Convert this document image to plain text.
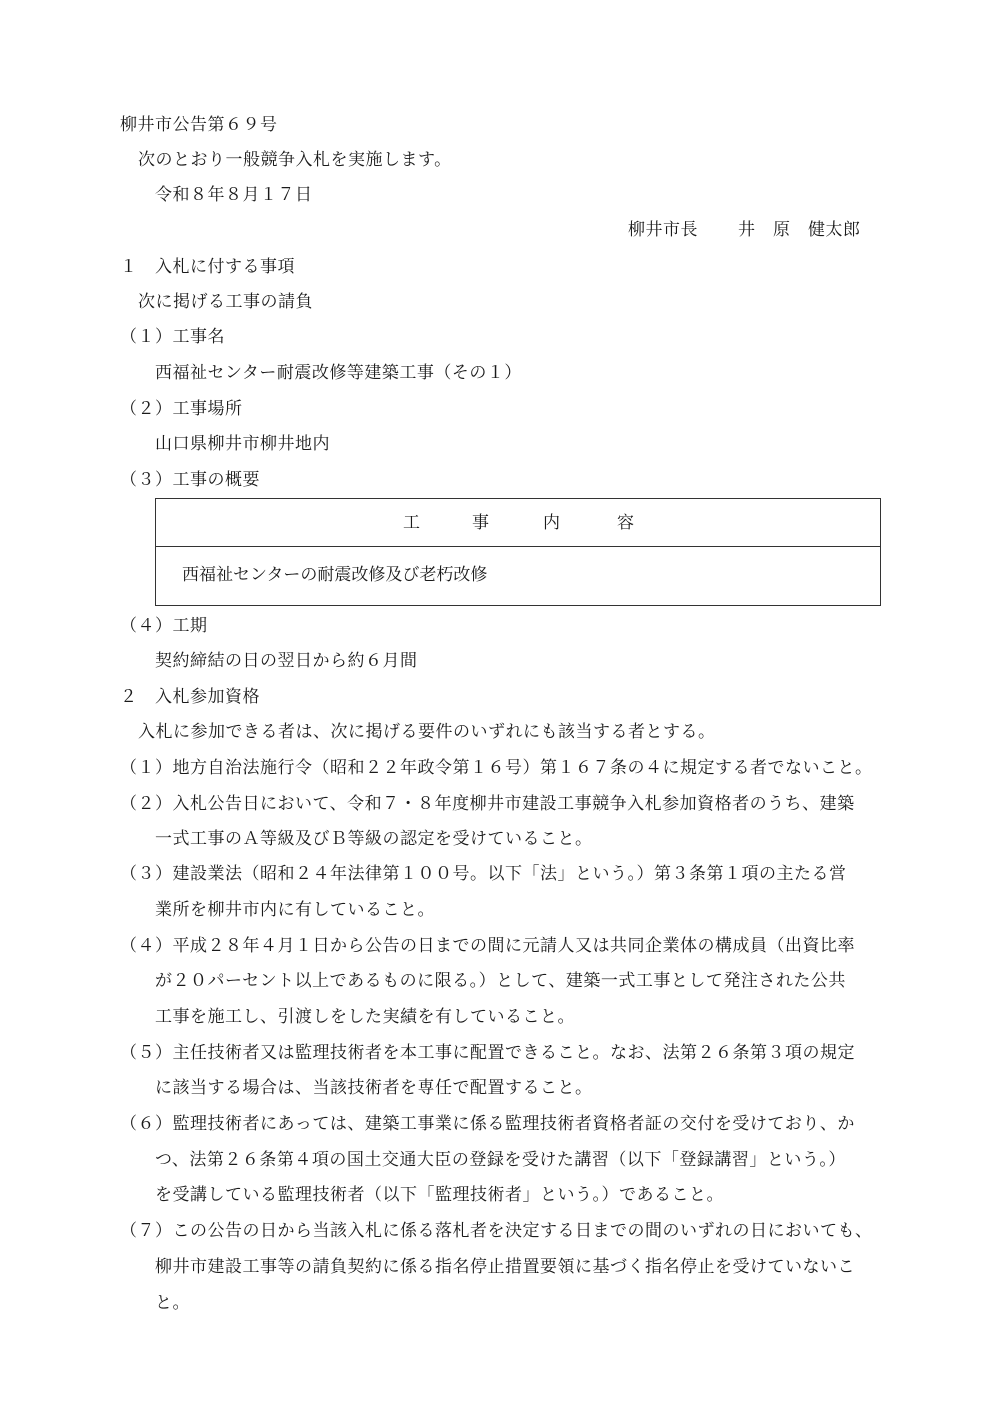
柳井市公告第６９号
次のとおり一般競争入札を実施します。
令和８年８月１７日
柳井市長 井　原　健太郎
１　入札に付する事項
次に掲げる工事の請負
（１）工事名
西福祉センター耐震改修等建築工事（その１）
（２）工事場所
山口県柳井市柳井地内
（３）工事の概要
工	事	内	容
西福祉センターの耐震改修及び老朽改修
（４）工期
契約締結の日の翌日から約６月間
２　入札参加資格
入札に参加できる者は、次に掲げる要件のいずれにも該当する者とする。
（１）地方自治法施行令（昭和２２年政令第１６号）第１６７条の４に規定する者でないこと。
（２）入札公告日において、令和７・８年度柳井市建設工事競争入札参加資格者のうち、建築
一式工事のＡ等級及びＢ等級の認定を受けていること。
（３）建設業法（昭和２４年法律第１００号。以下「法」という。）第３条第１項の主たる営
業所を柳井市内に有していること。
（４）平成２８年４月１日から公告の日までの間に元請人又は共同企業体の構成員（出資比率
が２０パーセント以上であるものに限る。）として、建築一式工事として発注された公共
工事を施工し、引渡しをした実績を有していること。
（５）主任技術者又は監理技術者を本工事に配置できること。なお、法第２６条第３項の規定
に該当する場合は、当該技術者を専任で配置すること。
（６）監理技術者にあっては、建築工事業に係る監理技術者資格者証の交付を受けており、か
つ、法第２６条第４項の国土交通大臣の登録を受けた講習（以下「登録講習」という。）
を受講している監理技術者（以下「監理技術者」という。）であること。
（７）この公告の日から当該入札に係る落札者を決定する日までの間のいずれの日においても、
柳井市建設工事等の請負契約に係る指名停止措置要領に基づく指名停止を受けていないこ
と。
